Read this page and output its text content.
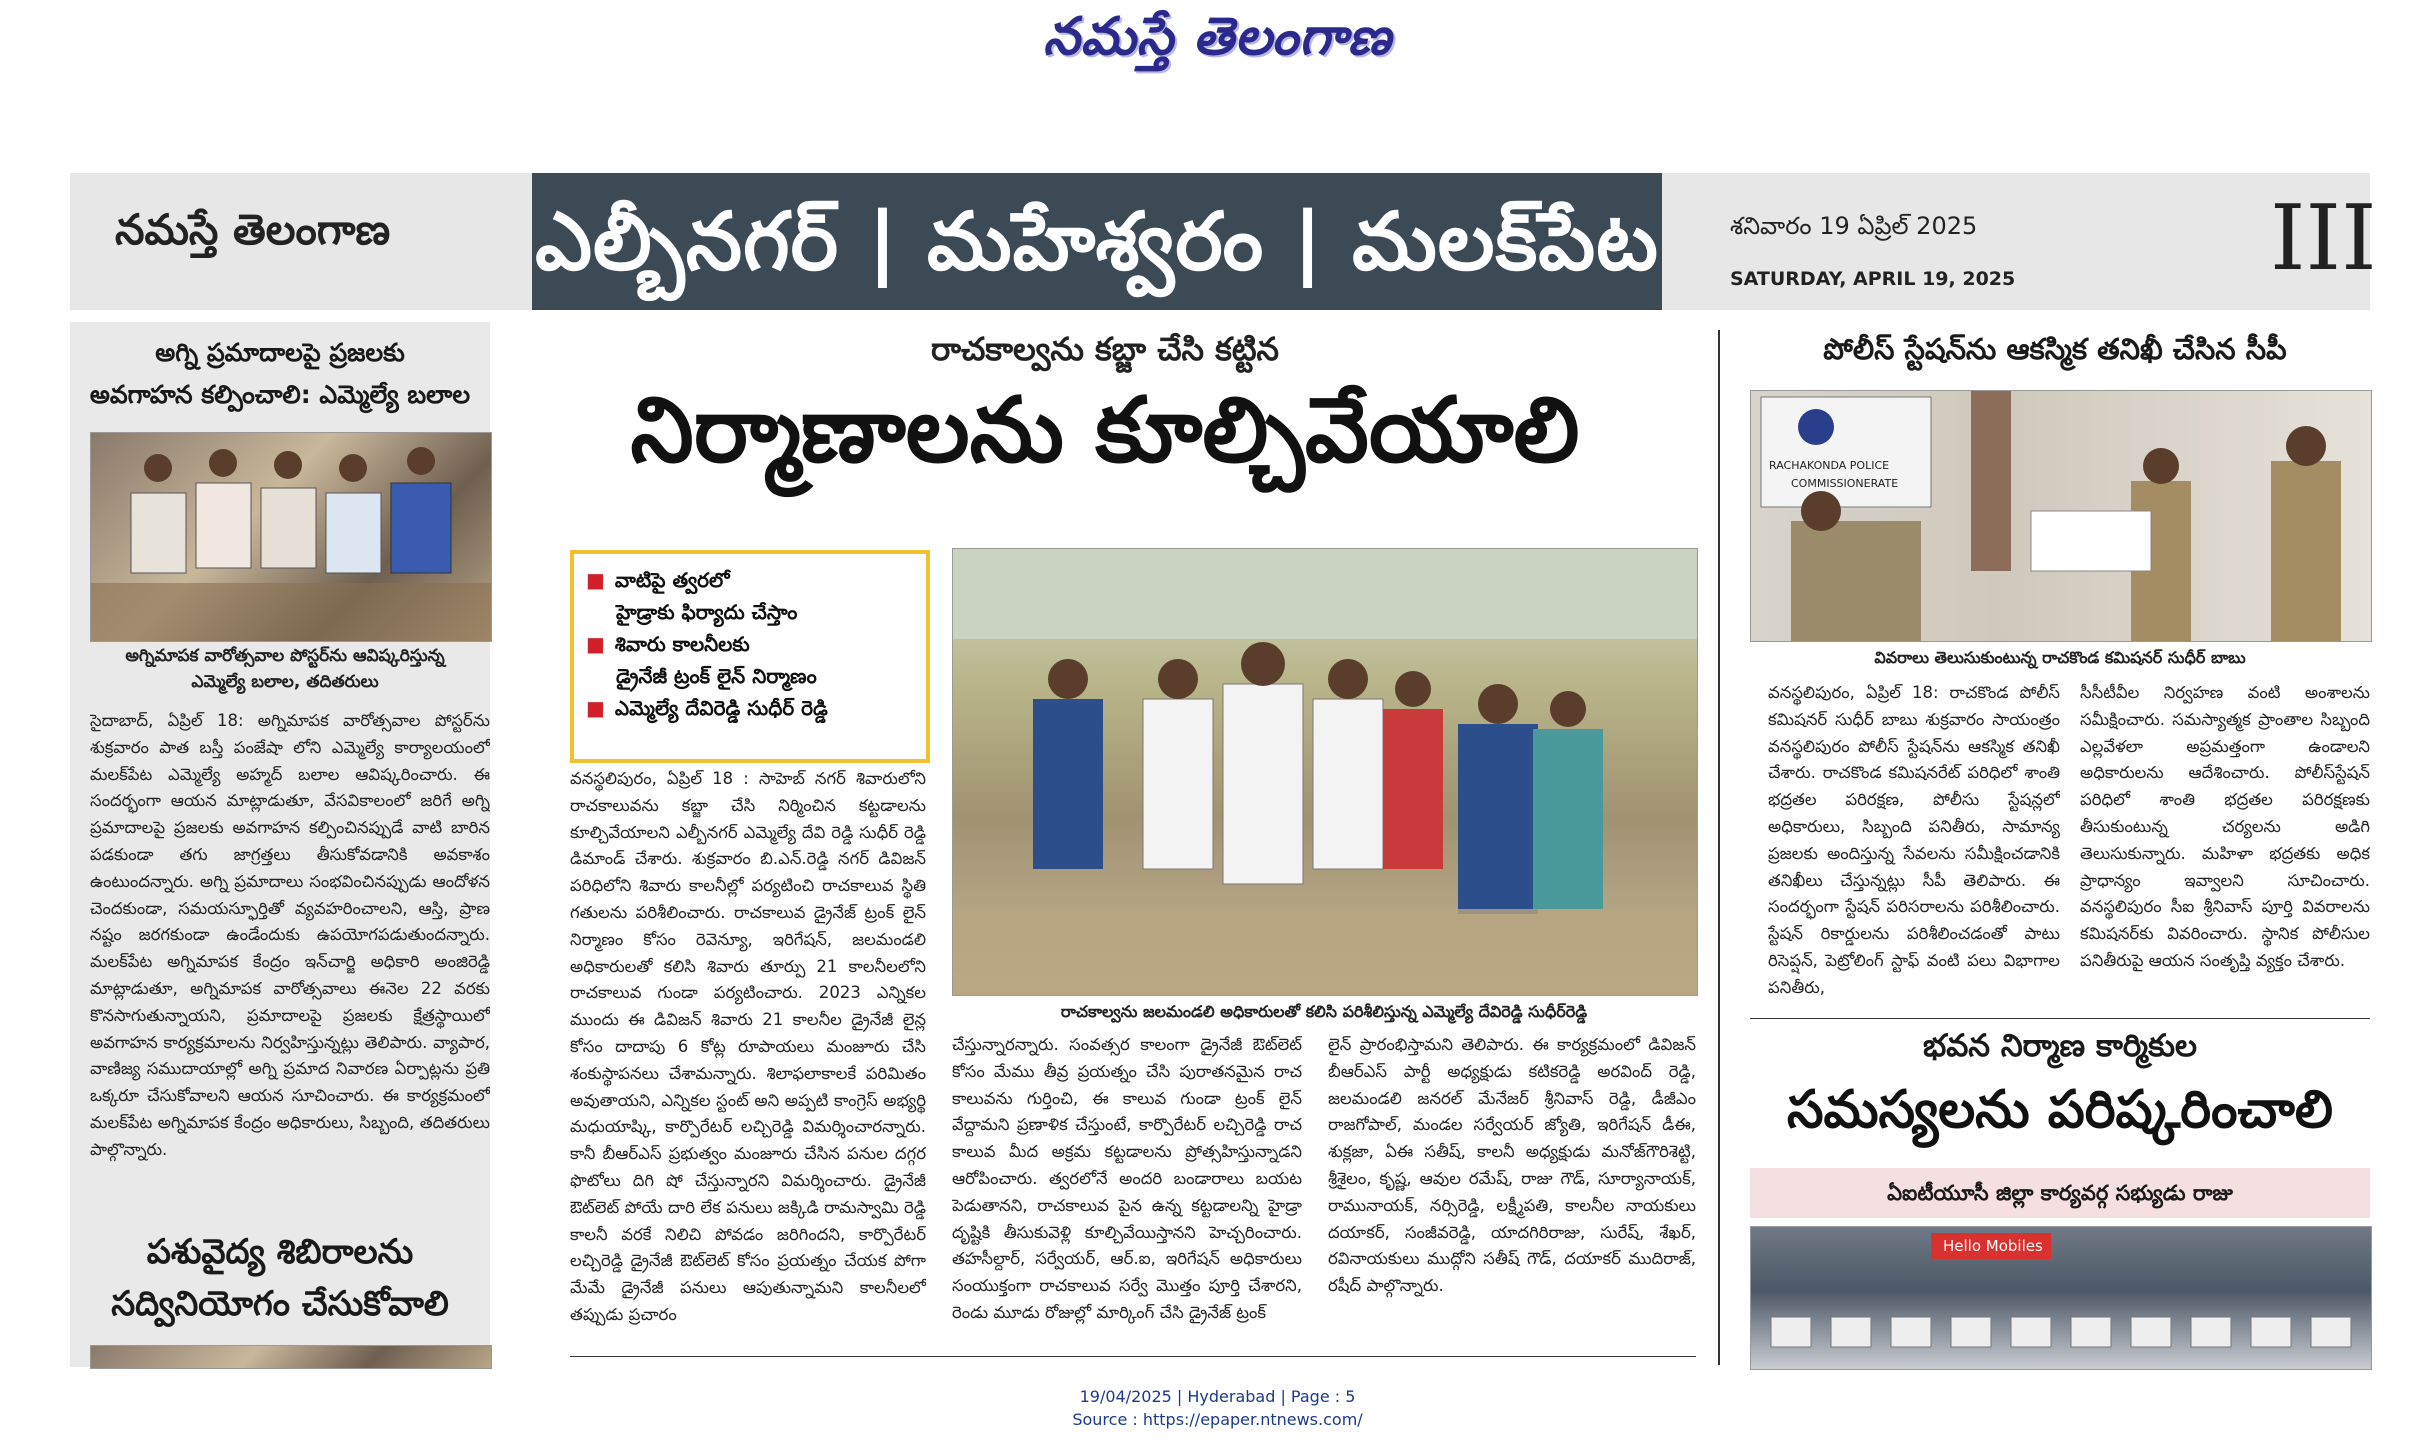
నమస్తే తెలంగాణ
నమస్తే తెలంగాణ ఎల్బీనగర్ | మహేశ్వరం | మలక్‌పేట	శనివారం 19 ఏప్రిల్ 2025
SATURDAY, APRIL 19, 2025	III
అగ్ని ప్రమాదాలపై ప్రజలకు
అవగాహన కల్పించాలి: ఎమ్మెల్యే బలాల
అగ్నిమాపక వారోత్సవాల పోస్టర్‌ను ఆవిష్కరిస్తున్న
ఎమ్మెల్యే బలాల, తదితరులు
సైదాబాద్, ఏప్రిల్ 18: అగ్నిమాపక వారోత్సవాల పోస్టర్‌ను శుక్రవారం పాత బస్తీ పంజేషా లోని ఎమ్మెల్యే కార్యాలయంలో మలక్‌పేట ఎమ్మెల్యే అహ్మద్ బలాల ఆవిష్కరించారు. ఈ సందర్భంగా ఆయన మాట్లాడుతూ, వేసవికాలంలో జరిగే అగ్ని ప్రమాదాలపై ప్రజలకు అవగాహన కల్పించినప్పుడే వాటి బారిన పడకుండా తగు జాగ్రత్తలు తీసుకోవడానికి అవకాశం ఉంటుందన్నారు. అగ్ని ప్రమాదాలు సంభవించినప్పుడు ఆందోళన చెందకుండా, సమయస్ఫూర్తితో వ్యవహరించాలని, ఆస్తి, ప్రాణ నష్టం జరగకుండా ఉండేందుకు ఉపయోగపడుతుందన్నారు. మలక్‌పేట అగ్నిమాపక కేంద్రం ఇన్‌చార్జి అధికారి అంజిరెడ్డి మాట్లాడుతూ, అగ్నిమాపక వారోత్సవాలు ఈనెల 22 వరకు కొనసాగుతున్నాయని, ప్రమాదాలపై ప్రజలకు క్షేత్రస్థాయిలో అవగాహన కార్యక్రమాలను నిర్వహిస్తున్నట్లు తెలిపారు. వ్యాపార, వాణిజ్య సముదాయాల్లో అగ్ని ప్రమాద నివారణ ఏర్పాట్లను ప్రతి ఒక్కరూ చేసుకోవాలని ఆయన సూచించారు. ఈ కార్యక్రమంలో మలక్‌పేట అగ్నిమాపక కేంద్రం అధికారులు, సిబ్బంది, తదితరులు పాల్గొన్నారు.
పశువైద్య శిబిరాలను
సద్వినియోగం చేసుకోవాలి
రాచకాల్వను కబ్జా చేసి కట్టిన
నిర్మాణాలను కూల్చివేయాలి
■ వాటిపై త్వరలో
హైడ్రాకు ఫిర్యాదు చేస్తాం
■ శివారు కాలనీలకు
డ్రైనేజీ ట్రంక్ లైన్ నిర్మాణం
■ ఎమ్మెల్యే దేవిరెడ్డి సుధీర్ రెడ్డి
రాచకాల్వను జలమండలి అధికారులతో కలిసి పరిశీలిస్తున్న ఎమ్మెల్యే దేవిరెడ్డి సుధీర్‌రెడ్డి
వనస్థలిపురం, ఏప్రిల్ 18 : సాహెబ్ నగర్ శివారులోని రాచకాలువను కబ్జా చేసి నిర్మించిన కట్టడాలను కూల్చివేయాలని ఎల్బీనగర్ ఎమ్మెల్యే దేవి రెడ్డి సుధీర్ రెడ్డి డిమాండ్ చేశారు. శుక్రవారం బి.ఎన్.రెడ్డి నగర్ డివిజన్ పరిధిలోని శివారు కాలనీల్లో పర్యటించి రాచకాలువ స్థితి గతులను పరిశీలించారు. రాచకాలువ డ్రైనేజ్ ట్రంక్ లైన్ నిర్మాణం కోసం రెవెన్యూ, ఇరిగేషన్, జలమండలి అధికారులతో కలిసి శివారు తూర్పు 21 కాలనీలలోని రాచకాలువ గుండా పర్యటించారు. 2023 ఎన్నికల ముందు ఈ డివిజన్ శివారు 21 కాలనీల డ్రైనేజీ లైన్ల కోసం దాదాపు 6 కోట్ల రూపాయలు మంజూరు చేసి శంకుస్థాపనలు చేశామన్నారు. శిలాఫలాకాలకే పరిమితం అవుతాయని, ఎన్నికల స్టంట్ అని అప్పటి కాంగ్రెస్ అభ్యర్థి మధుయాష్కి, కార్పొరేటర్ లచ్చిరెడ్డి విమర్శించారన్నారు. కానీ బీఆర్‌ఎస్ ప్రభుత్వం మంజూరు చేసిన పనుల దగ్గర ఫొటోలు దిగి షో చేస్తున్నారని విమర్శించారు. డ్రైనేజీ ఔట్‌లెట్ పోయే దారి లేక పనులు జక్కిడి రామస్వామి రెడ్డి కాలనీ వరకే నిలిచి పోవడం జరిగిందని, కార్పొరేటర్ లచ్చిరెడ్డి డ్రైనేజీ ఔట్‌లెట్ కోసం ప్రయత్నం చేయక పోగా మేమే డ్రైనేజీ పనులు ఆపుతున్నామని కాలనీలలో తప్పుడు ప్రచారం
చేస్తున్నారన్నారు. సంవత్సర కాలంగా డ్రైనేజీ ఔట్‌లెట్ కోసం మేము తీవ్ర ప్రయత్నం చేసి పురాతనమైన రాచ కాలువను గుర్తించి, ఈ కాలువ గుండా ట్రంక్ లైన్ వేద్దామని ప్రణాళిక చేస్తుంటే, కార్పొరేటర్ లచ్చిరెడ్డి రాచ కాలువ మీద అక్రమ కట్టడాలను ప్రోత్సహిస్తున్నాడని ఆరోపించారు. త్వరలోనే అందరి బండారాలు బయట పెడుతానని, రాచకాలువ పైన ఉన్న కట్టడాలన్ని హైడ్రా దృష్టికి తీసుకువెళ్లి కూల్చివేయిస్తానని హెచ్చరించారు. తహసీల్దార్, సర్వేయర్, ఆర్.ఐ, ఇరిగేషన్ అధికారులు సంయుక్తంగా రాచకాలువ సర్వే మొత్తం పూర్తి చేశారని, రెండు మూడు రోజుల్లో మార్కింగ్ చేసి డ్రైనేజ్ ట్రంక్
లైన్ ప్రారంభిస్తామని తెలిపారు. ఈ కార్యక్రమంలో డివిజన్ బీఆర్‌ఎస్ పార్టీ అధ్యక్షుడు కటికరెడ్డి అరవింద్ రెడ్డి, జలమండలి జనరల్ మేనేజర్ శ్రీనివాస్ రెడ్డి, డీజీఎం రాజగోపాల్, మండల సర్వేయర్ జ్యోతి, ఇరిగేషన్ డీఈ, శుక్లజా, ఏఈ సతీష్, కాలనీ అధ్యక్షుడు మనోజ్‌గౌరిశెట్టి, శ్రీశైలం, కృష్ణ, ఆవుల రమేష్, రాజు గౌడ్, సూర్యానాయక్, రామునాయక్, నర్సిరెడ్డి, లక్ష్మీపతి, కాలనీల నాయకులు దయాకర్, సంజీవరెడ్డి, యాదగిరిరాజు, సురేష్, శేఖర్, రవినాయకులు ముద్గోని సతీష్ గౌడ్, దయాకర్ ముదిరాజ్, రషీద్ పాల్గొన్నారు.
పోలీస్ స్టేషన్‌ను ఆకస్మిక తనిఖీ చేసిన సీపీ
RACHAKONDA POLICE
COMMISSIONERATE
వివరాలు తెలుసుకుంటున్న రాచకొండ కమిషనర్ సుధీర్ బాబు
వనస్థలిపురం, ఏప్రిల్ 18: రాచకొండ పోలీస్ కమిషనర్ సుధీర్ బాబు శుక్రవారం సాయంత్రం వనస్థలిపురం పోలీస్ స్టేషన్‌ను ఆకస్మిక తనిఖీ చేశారు. రాచకొండ కమిషనరేట్ పరిధిలో శాంతి భద్రతల పరిరక్షణ, పోలీసు స్టేషన్లలో అధికారులు, సిబ్బంది పనితీరు, సామాన్య ప్రజలకు అందిస్తున్న సేవలను సమీక్షించడానికి తనిఖీలు చేస్తున్నట్లు సీపీ తెలిపారు. ఈ సందర్భంగా స్టేషన్ పరిసరాలను పరిశీలించారు. స్టేషన్ రికార్డులను పరిశీలించడంతో పాటు రిసెప్షన్, పెట్రోలింగ్ స్టాఫ్ వంటి పలు విభాగాల పనితీరు,
సీసీటీవీల నిర్వహణ వంటి అంశాలను సమీక్షించారు. సమస్యాత్మక ప్రాంతాల సిబ్బంది ఎల్లవేళలా అప్రమత్తంగా ఉండాలని అధికారులను ఆదేశించారు. పోలీస్‌స్టేషన్ పరిధిలో శాంతి భద్రతల పరిరక్షణకు తీసుకుంటున్న చర్యలను అడిగి తెలుసుకున్నారు. మహిళా భద్రతకు అధిక ప్రాధాన్యం ఇవ్వాలని సూచించారు. వనస్థలిపురం సీఐ శ్రీనివాస్ పూర్తి వివరాలను కమిషనర్‌కు వివరించారు. స్థానిక పోలీసుల పనితీరుపై ఆయన సంతృప్తి వ్యక్తం చేశారు.
భవన నిర్మాణ కార్మికుల
సమస్యలను పరిష్కరించాలి
ఏఐటీయూసీ జిల్లా కార్యవర్గ సభ్యుడు రాజు
Hello Mobiles
19/04/2025 | Hyderabad | Page : 5
Source : https://epaper.ntnews.com/
